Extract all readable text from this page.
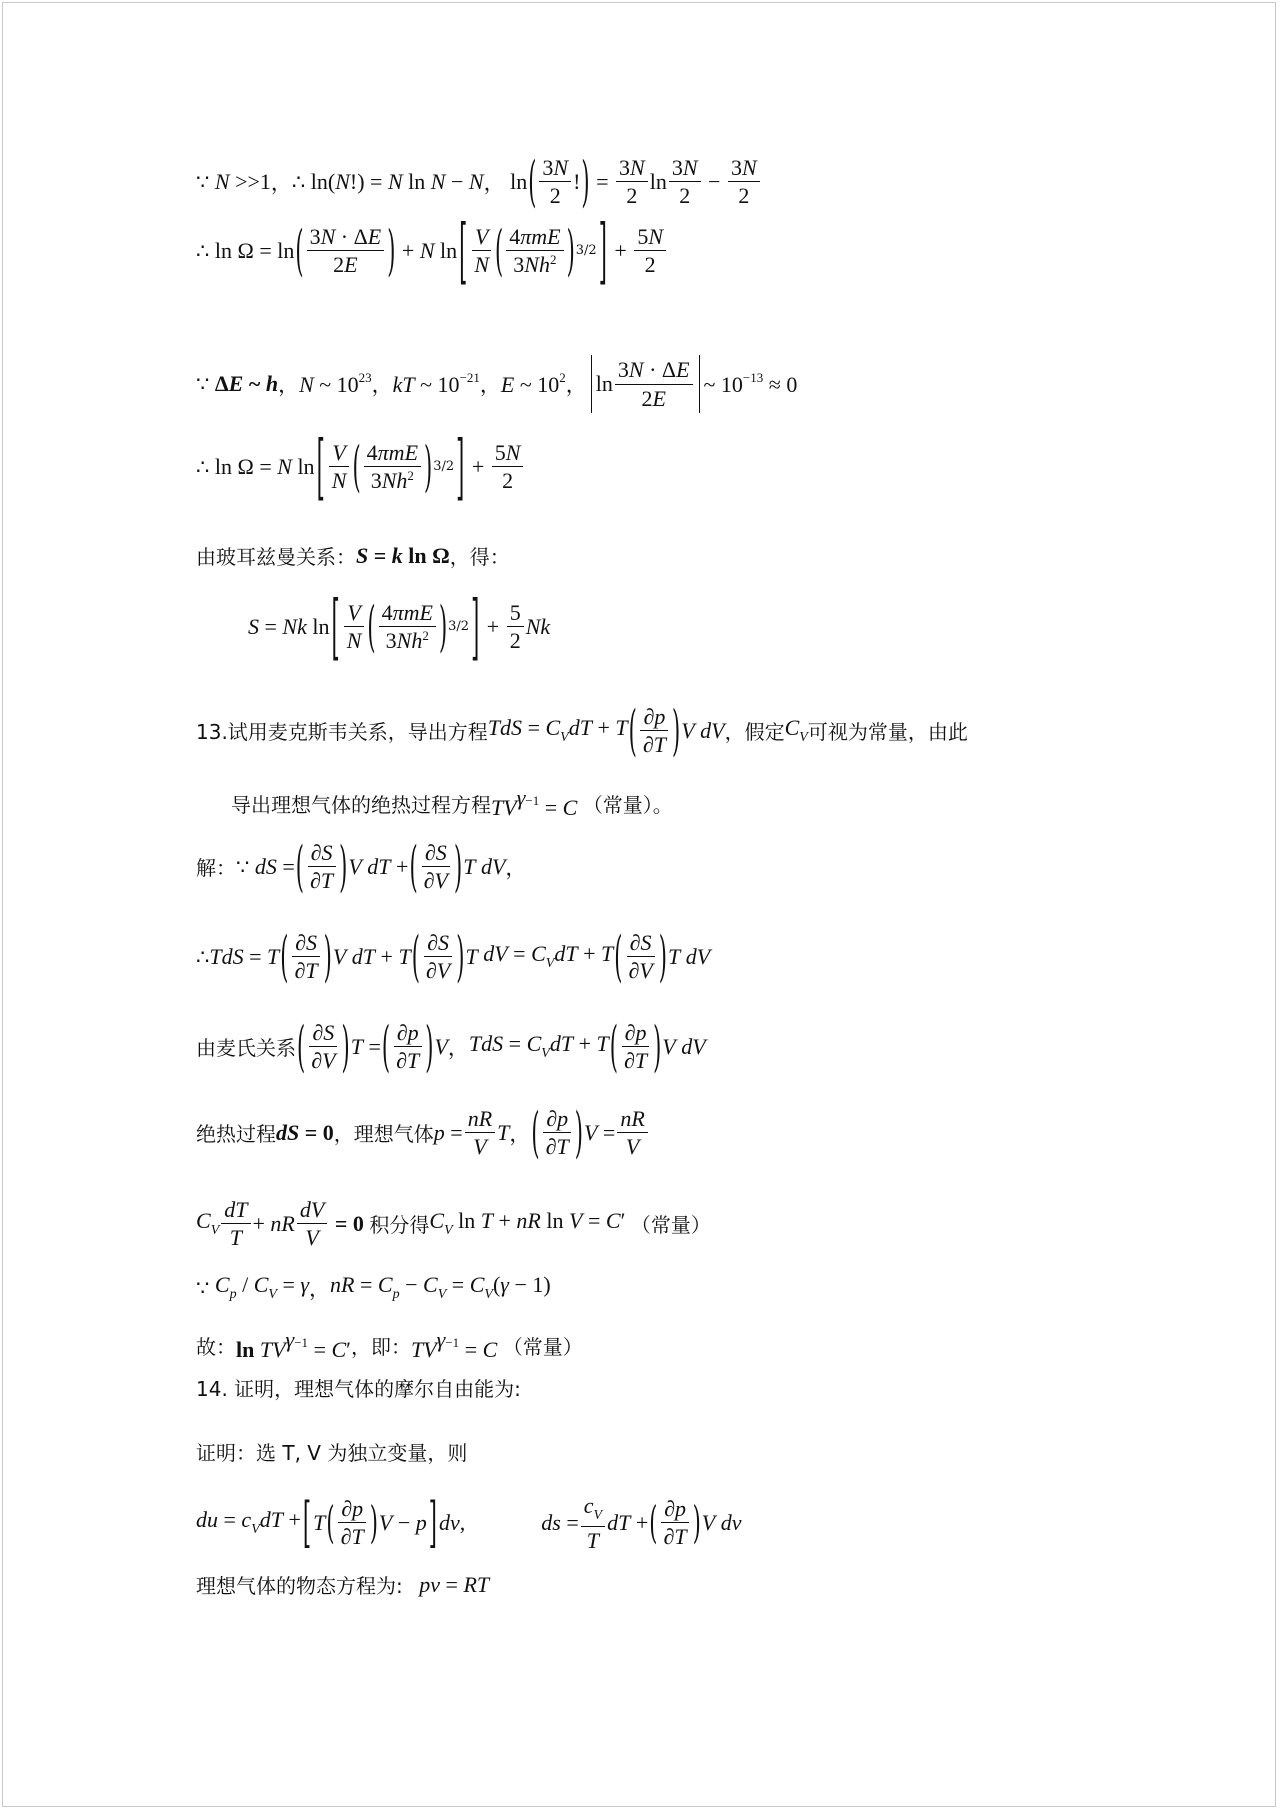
∵ N >>1 ， ∴ ln(N!) = N ln N − N ， ln ( $\frac{3N}{2}$ ! ) = $\frac{3N}{2}$ $\ln \frac{3N}{2} - \frac{3N}{2}$
∴ ln Ω = ln ( $\frac{3N \cdot \Delta E}{2E}$ ) + N ln [ $\frac{V}{N}$ ( $\frac{\text{4πmE}}{3Nh^2}$ ) 3/2 ] + $\frac{5N}{2}$
∵ ΔE ~ h ， N ~ $10^{23}$ ， kT ~ $10^{-21}$ ， E ~ $10^2$ ， $\ln \frac{3N \cdot \Delta E}{2E}$ ~ $10^{-13} \approx 0$
∴ ln Ω = N ln [ $\frac{V}{N}$ ( $\frac{\text{4πmE}}{3Nh^2}$ ) 3/2 ] + $\frac{5N}{2}$
由玻耳兹曼关系： S = k ln Ω ， 得：
S = Nk ln [ $\frac{V}{N}$ ( $\frac{\text{4πmE}}{3Nh^2}$ ) 3/2 ] + $\frac{5}{2}$ Nk
13.试用麦克斯韦关系，导出方程 TdS = $C_VdT + T$ ( $\frac{\partial p}{\partial T}$ ) V dV ，假定 $C_V$ 可视为常量，由此
导出理想气体的绝热过程方程 $TV^{\gamma-1} = C$ （常量）。
解： ∵ dS = ( $\frac{\partial S}{\partial T}$ ) V dT + ( $\frac{\partial S}{\partial V}$ ) T dV ，
∴ TdS = T ( $\frac{\partial S}{\partial T}$ ) V dT + T ( $\frac{\partial S}{\partial V}$ ) T dV = $C_VdT + T$ ( $\frac{\partial S}{\partial V}$ ) T dV
由麦氏关系 ( $\frac{\partial S}{\partial V}$ ) T = ( $\frac{\partial p}{\partial T}$ ) V ， TdS = $C_VdT + T$ ( $\frac{\partial p}{\partial T}$ ) V dV
绝热过程 dS = 0 ，理想气体 $p = \frac{nR}{V}$ T ， ( $\frac{\partial p}{\partial T}$ ) $V = \frac{nR}{V}$
$C_V \frac{dT}{T}$ + nR $\frac{dV}{V} = 0$ 积分得 $C_V$ ln T + nR ln V = C′ （常量）
∵ $C_p / C_V = \gamma$ ， nR = $C_p - C_V = C_V(\gamma - 1)$
故： $\ln TV^{\gamma-1} = C'$ ，即： $TV^{\gamma-1} = C$ （常量）
14. 证明，理想气体的摩尔自由能为:
证明：选 T, V 为独立变量，则
du = $c_VdT$ + [ T ( $\frac{\partial p}{\partial T}$ ) V − p ] dv,	ds = $\frac{c_V}{T}$ dT + ( $\frac{\partial p}{\partial T}$ ) V dv
理想气体的物态方程为: pv = RT
